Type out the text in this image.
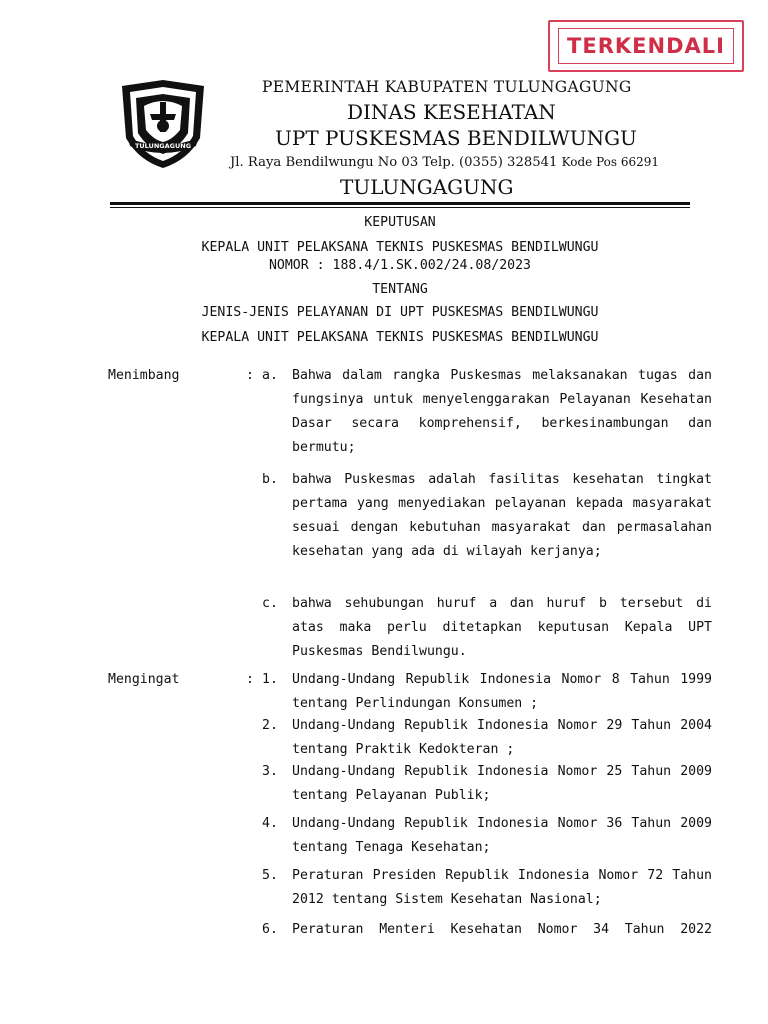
TERKENDALI
TULUNGAGUNG
PEMERINTAH KABUPATEN TULUNGAGUNG
DINAS KESEHATAN
UPT PUSKESMAS BENDILWUNGU
Jl. Raya Bendilwungu No 03 Telp. (0355) 328541 Kode Pos 66291
TULUNGAGUNG
KEPUTUSAN
KEPALA UNIT PELAKSANA TEKNIS PUSKESMAS BENDILWUNGU
NOMOR : 188.4/1.SK.002/24.08/2023
TENTANG
JENIS-JENIS PELAYANAN DI UPT PUSKESMAS BENDILWUNGU
KEPALA UNIT PELAKSANA TEKNIS PUSKESMAS BENDILWUNGU
Menimbang	: a.	Bahwa dalam rangka Puskesmas melaksanakan tugas dan fungsinya untuk menyelenggarakan Pelayanan Kesehatan Dasar secara komprehensif, berkesinambungan dan bermutu;
b.	bahwa Puskesmas adalah fasilitas kesehatan tingkat pertama yang menyediakan pelayanan kepada masyarakat sesuai dengan kebutuhan masyarakat dan permasalahan kesehatan yang ada di wilayah kerjanya;
c.	bahwa sehubungan huruf a dan huruf b tersebut di atas maka perlu ditetapkan keputusan Kepala UPT Puskesmas Bendilwungu.
Mengingat	: 1.	Undang-Undang Republik Indonesia Nomor 8 Tahun 1999 tentang Perlindungan Konsumen ;
2.	Undang-Undang Republik Indonesia Nomor 29 Tahun 2004 tentang Praktik Kedokteran ;
3.	Undang-Undang Republik Indonesia Nomor 25 Tahun 2009 tentang Pelayanan Publik;
4.	Undang-Undang Republik Indonesia Nomor 36 Tahun 2009 tentang Tenaga Kesehatan;
5.	Peraturan Presiden Republik Indonesia Nomor 72 Tahun 2012 tentang Sistem Kesehatan Nasional;
6.	Peraturan Menteri Kesehatan Nomor 34 Tahun 2022
